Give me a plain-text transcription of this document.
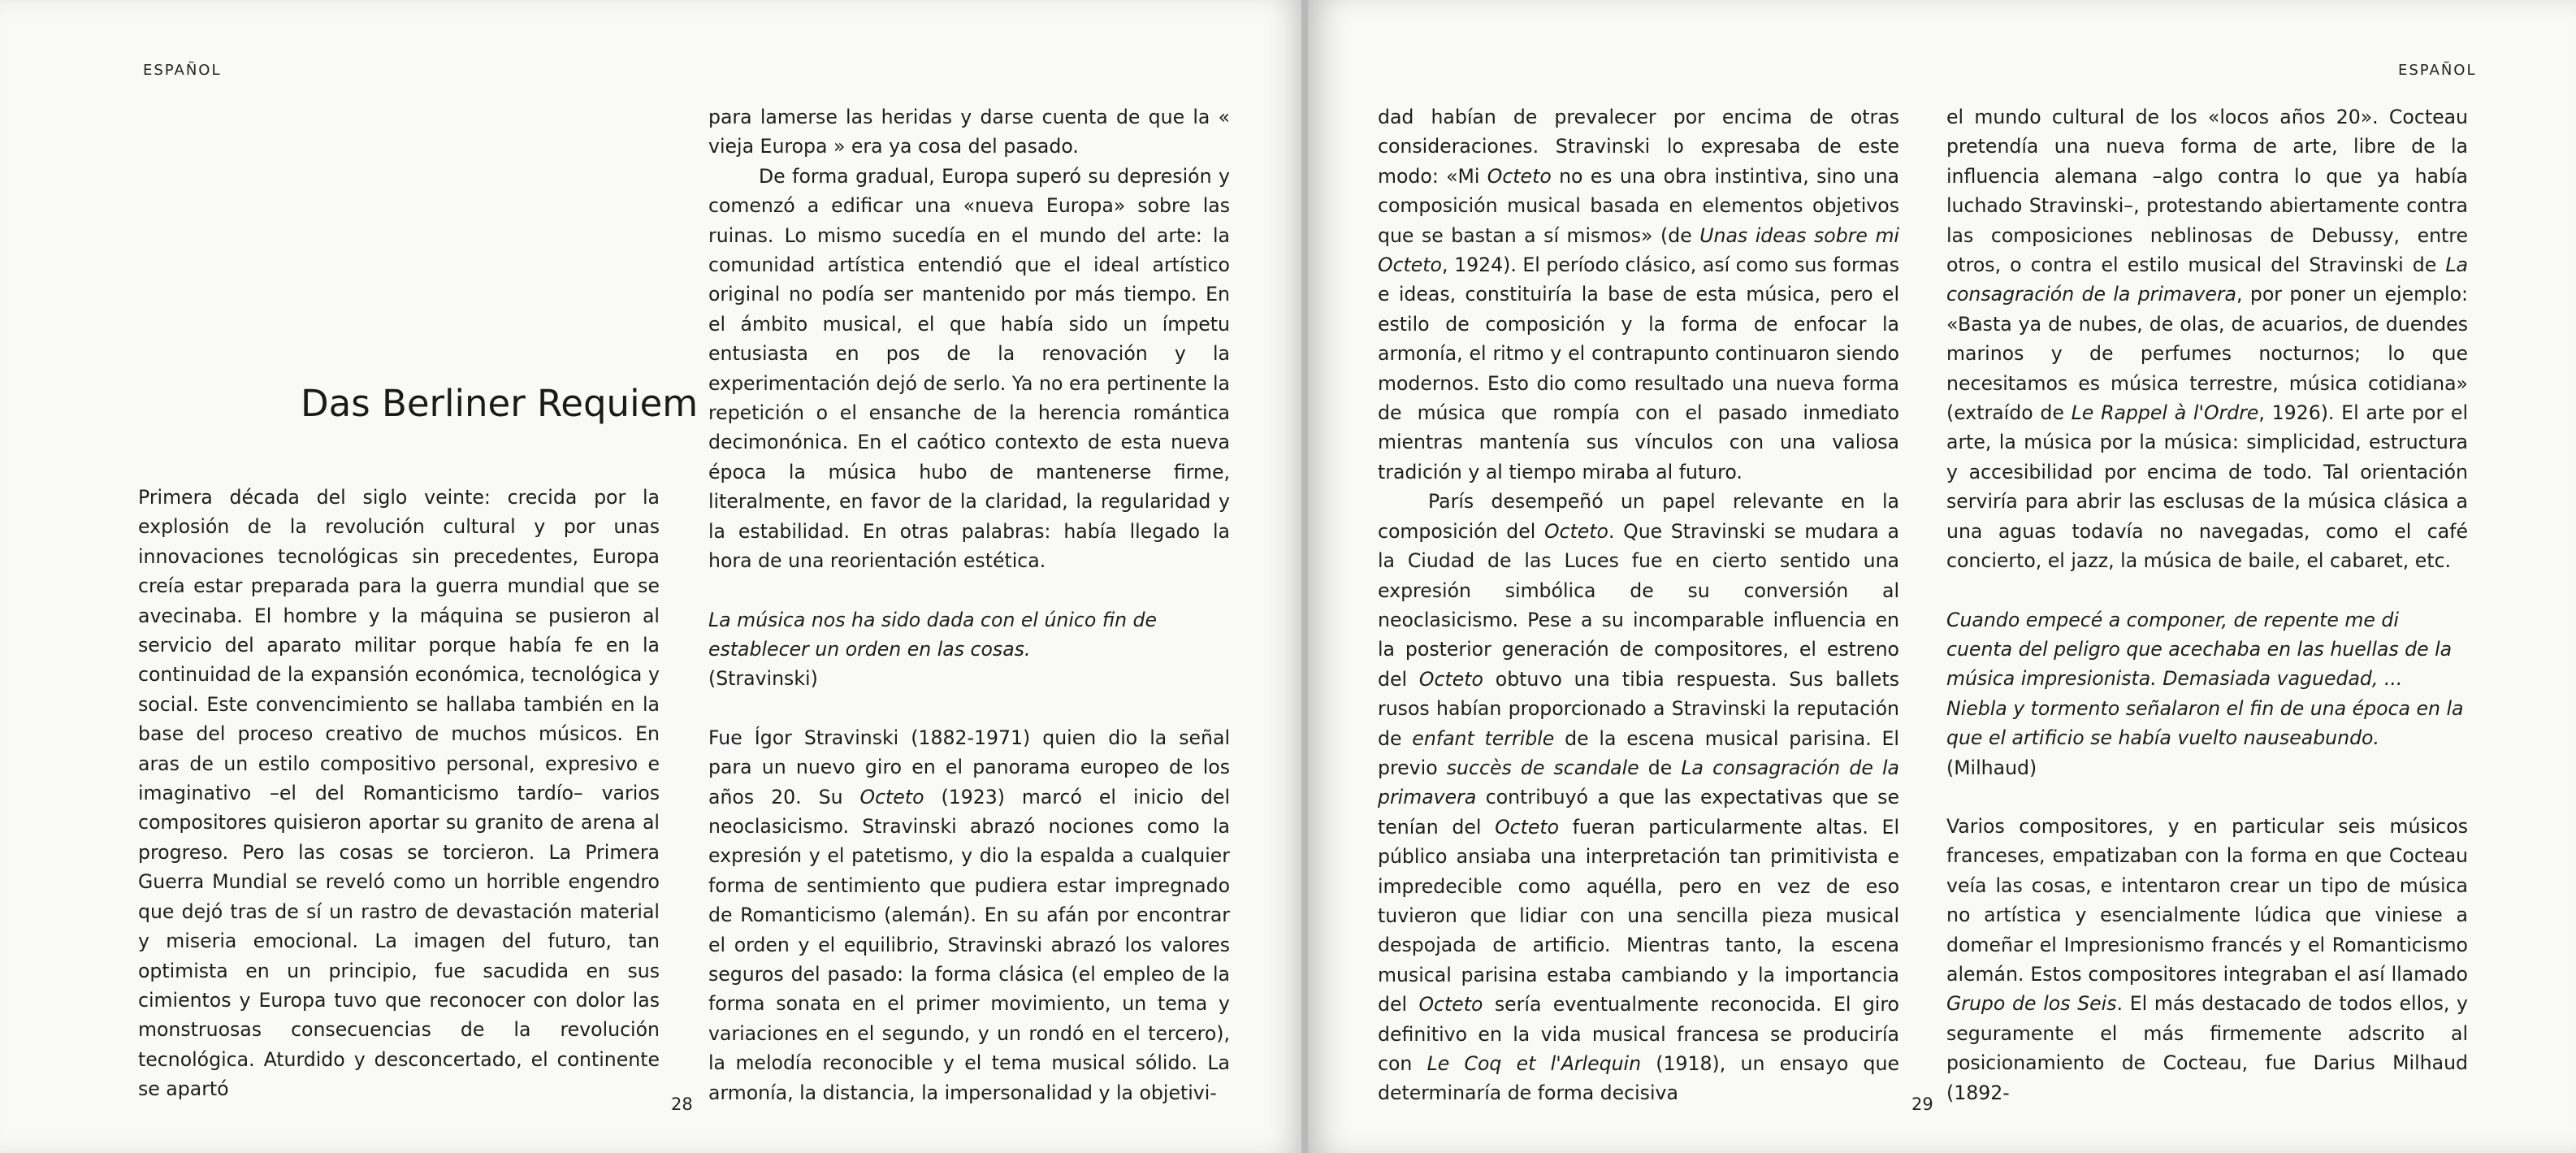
ESPAÑOL
Das Berliner Requiem

Primera década del siglo veinte: crecida por la explosión de la revolución cultural y por unas innovaciones tecnológicas sin precedentes, Europa creía estar preparada para la guerra mundial que se avecinaba. El hombre y la máquina se pusieron al servicio del aparato militar porque había fe en la continuidad de la expansión económica, tecnológica y social. Este convencimiento se hallaba también en la base del proceso creativo de muchos músicos. En aras de un estilo compositivo personal, expresivo e imaginativo –el del Romanticismo tardío– varios compositores quisieron aportar su granito de arena al progreso. Pero las cosas se torcieron. La Primera Guerra Mundial se reveló como un horrible engendro que dejó tras de sí un rastro de devastación material y miseria emocional. La imagen del futuro, tan optimista en un principio, fue sacudida en sus cimientos y Europa tuvo que reconocer con dolor las monstruosas consecuencias de la revolución tecnológica. Aturdido y desconcertado, el continente se apartó

para lamerse las heridas y darse cuenta de que la « vieja Europa » era ya cosa del pasado.

De forma gradual, Europa superó su depresión y comenzó a edificar una «nueva Europa» sobre las ruinas. Lo mismo sucedía en el mundo del arte: la comunidad artística entendió que el ideal artístico original no podía ser mantenido por más tiempo. En el ámbito musical, el que había sido un ímpetu entusiasta en pos de la renovación y la experimentación dejó de serlo. Ya no era pertinente la repetición o el ensanche de la herencia romántica decimonónica. En el caótico contexto de esta nueva época la música hubo de mantenerse firme, literalmente, en favor de la claridad, la regularidad y la estabilidad. En otras palabras: había llegado la hora de una reorientación estética.

La música nos ha sido dada con el único fin de establecer un orden en las cosas.

(Stravinski)

Fue Ígor Stravinski (1882-1971) quien dio la señal para un nuevo giro en el panorama europeo de los años 20. Su Octeto (1923) marcó el inicio del neoclasicismo. Stravinski abrazó nociones como la expresión y el patetismo, y dio la espalda a cualquier forma de sentimiento que pudiera estar impregnado de Romanticismo (alemán). En su afán por encontrar el orden y el equilibrio, Stravinski abrazó los valores seguros del pasado: la forma clásica (el empleo de la forma sonata en el primer movimiento, un tema y variaciones en el segundo, y un rondó en el tercero), la melodía reconocible y el tema musical sólido. La armonía, la distancia, la impersonalidad y la objetivi-

28
ESPAÑOL

dad habían de prevalecer por encima de otras consideraciones. Stravinski lo expresaba de este modo: «Mi Octeto no es una obra instintiva, sino una composición musical basada en elementos objetivos que se bastan a sí mismos» (de Unas ideas sobre mi Octeto, 1924). El período clásico, así como sus formas e ideas, constituiría la base de esta música, pero el estilo de composición y la forma de enfocar la armonía, el ritmo y el contrapunto continuaron siendo modernos. Esto dio como resultado una nueva forma de música que rompía con el pasado inmediato mientras mantenía sus vínculos con una valiosa tradición y al tiempo miraba al futuro.

París desempeñó un papel relevante en la composición del Octeto. Que Stravinski se mudara a la Ciudad de las Luces fue en cierto sentido una expresión simbólica de su conversión al neoclasicismo. Pese a su incomparable influencia en la posterior generación de compositores, el estreno del Octeto obtuvo una tibia respuesta. Sus ballets rusos habían proporcionado a Stravinski la reputación de enfant terrible de la escena musical parisina. El previo succès de scandale de La consagración de la primavera contribuyó a que las expectativas que se tenían del Octeto fueran particularmente altas. El público ansiaba una interpretación tan primitivista e impredecible como aquélla, pero en vez de eso tuvieron que lidiar con una sencilla pieza musical despojada de artificio. Mientras tanto, la escena musical parisina estaba cambiando y la importancia del Octeto sería eventualmente reconocida. El giro definitivo en la vida musical francesa se produciría con Le Coq et l'Arlequin (1918), un ensayo que determinaría de forma decisiva

el mundo cultural de los «locos años 20». Cocteau pretendía una nueva forma de arte, libre de la influencia alemana –algo contra lo que ya había luchado Stravinski–, protestando abiertamente contra las composiciones neblinosas de Debussy, entre otros, o contra el estilo musical del Stravinski de La consagración de la primavera, por poner un ejemplo: «Basta ya de nubes, de olas, de acuarios, de duendes marinos y de perfumes nocturnos; lo que necesitamos es música terrestre, música cotidiana» (extraído de Le Rappel à l'Ordre, 1926). El arte por el arte, la música por la música: simplicidad, estructura y accesibilidad por encima de todo. Tal orientación serviría para abrir las esclusas de la música clásica a una aguas todavía no navegadas, como el café concierto, el jazz, la música de baile, el cabaret, etc.

Cuando empecé a componer, de repente me di cuenta del peligro que acechaba en las huellas de la música impresionista. Demasiada vaguedad, ... Niebla y tormento señalaron el fin de una época en la que el artificio se había vuelto nauseabundo.

(Milhaud)

Varios compositores, y en particular seis músicos franceses, empatizaban con la forma en que Cocteau veía las cosas, e intentaron crear un tipo de música no artística y esencialmente lúdica que viniese a domeñar el Impresionismo francés y el Romanticismo alemán. Estos compositores integraban el así llamado Grupo de los Seis. El más destacado de todos ellos, y seguramente el más firmemente adscrito al posicionamiento de Cocteau, fue Darius Milhaud (1892-

29
